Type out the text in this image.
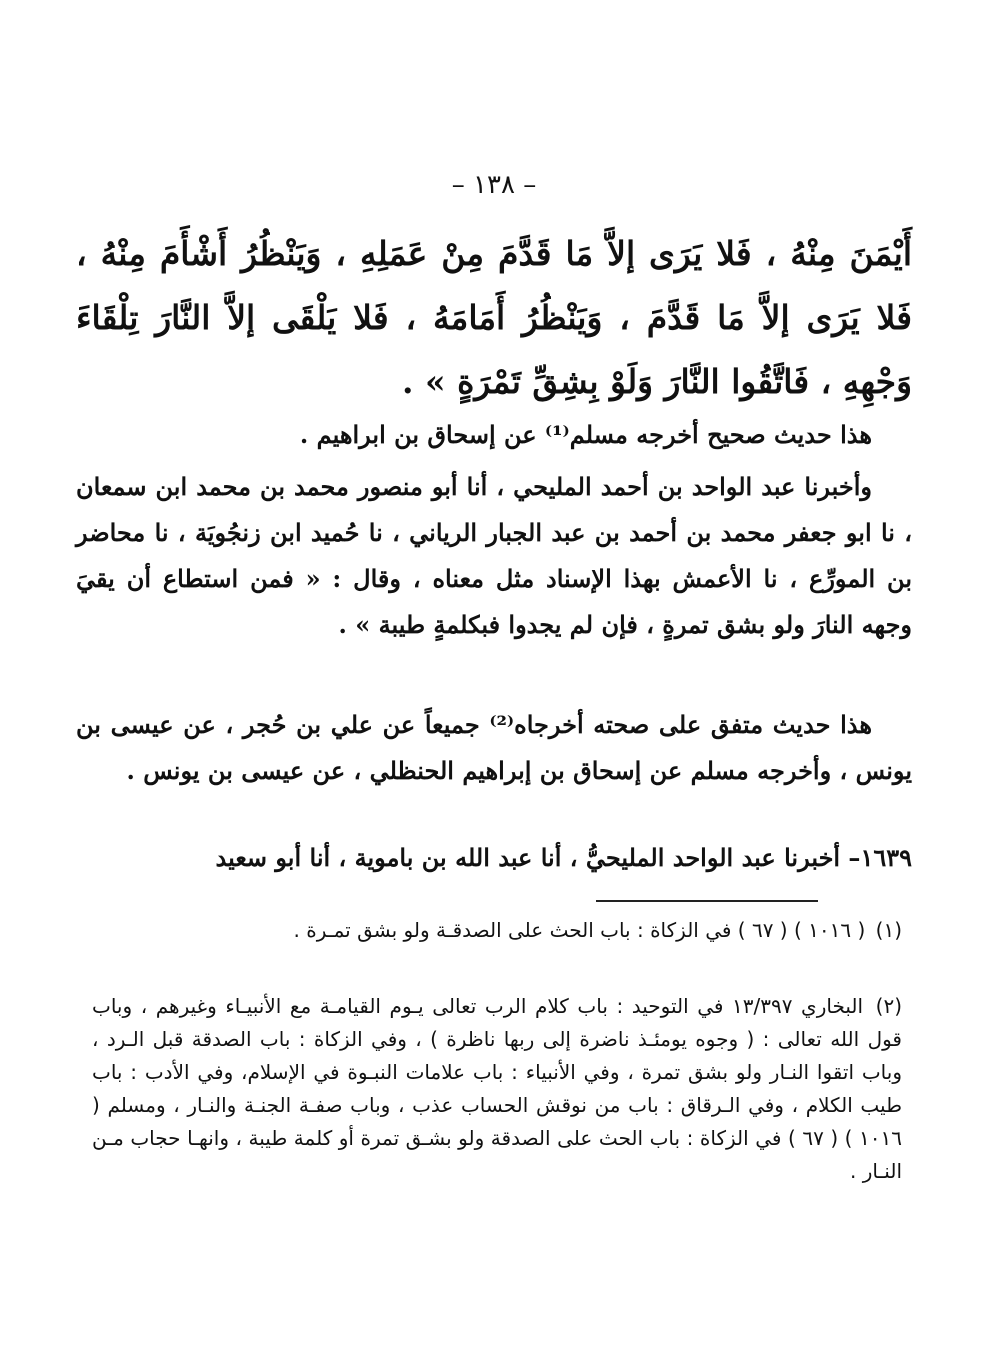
– ١٣٨ –
أَيْمَنَ مِنْهُ ، فَلا يَرَى إلاَّ مَا قَدَّمَ مِنْ عَمَلِهِ ، وَيَنْظُرُ أَشْأَمَ مِنْهُ ، فَلا يَرَى إلاَّ مَا قَدَّمَ ، وَيَنْظُرُ أَمَامَهُ ، فَلا يَلْقَى إلاَّ النَّارَ تِلْقَاءَ وَجْهِهِ ، فَاتَّقُوا النَّارَ وَلَوْ بِشِقِّ تَمْرَةٍ » .
هذا حديث صحيح أخرجه مسلم⁽¹⁾ عن إسحاق بن ابراهيم .
وأخبرنا عبد الواحد بن أحمد المليحي ، أنا أبو منصور محمد بن محمد ابن سمعان ، نا ابو جعفر محمد بن أحمد بن عبد الجبار الرياني ، نا حُميد ابن زنجُويَة ، نا محاضر بن المورِّع ، نا الأعمش بهذا الإسناد مثل معناه ، وقال : « فمن استطاع أن يقيَ وجهه النارَ ولو بشق تمرةٍ ، فإن لم يجدوا فبكلمةٍ طيبة » .
هذا حديث متفق على صحته أخرجاه⁽²⁾ جميعاً عن علي بن حُجر ، عن عيسى بن يونس ، وأخرجه مسلم عن إسحاق بن إبراهيم الحنظلي ، عن عيسى بن يونس .
١٦٣٩– أخبرنا عبد الواحد المليحيُّ ، أنا عبد الله بن باموية ، أنا أبو سعيد
(١) ( ١٠١٦ ) ( ٦٧ ) في الزكاة : باب الحث على الصدقـة ولو بشق تمـرة .
(٢) البخاري ١٣/٣٩٧ في التوحيد : باب كلام الرب تعالى يـوم القيامـة مع الأنبيـاء وغيرهم ، وباب قول الله تعالى : ( وجوه يومئـذ ناضرة إلى ربها ناظرة ) ، وفي الزكاة : باب الصدقة قبل الـرد ، وباب اتقوا النـار ولو بشق تمرة ، وفي الأنبياء : باب علامات النبـوة في الإسلام، وفي الأدب : باب طيب الكلام ، وفي الـرقاق : باب من نوقش الحساب عذب ، وباب صفـة الجنـة والنـار ، ومسلم ( ١٠١٦ ) ( ٦٧ ) في الزكاة : باب الحث على الصدقة ولو بشـق تمرة أو كلمة طيبة ، وانهـا حجاب مـن النـار .
